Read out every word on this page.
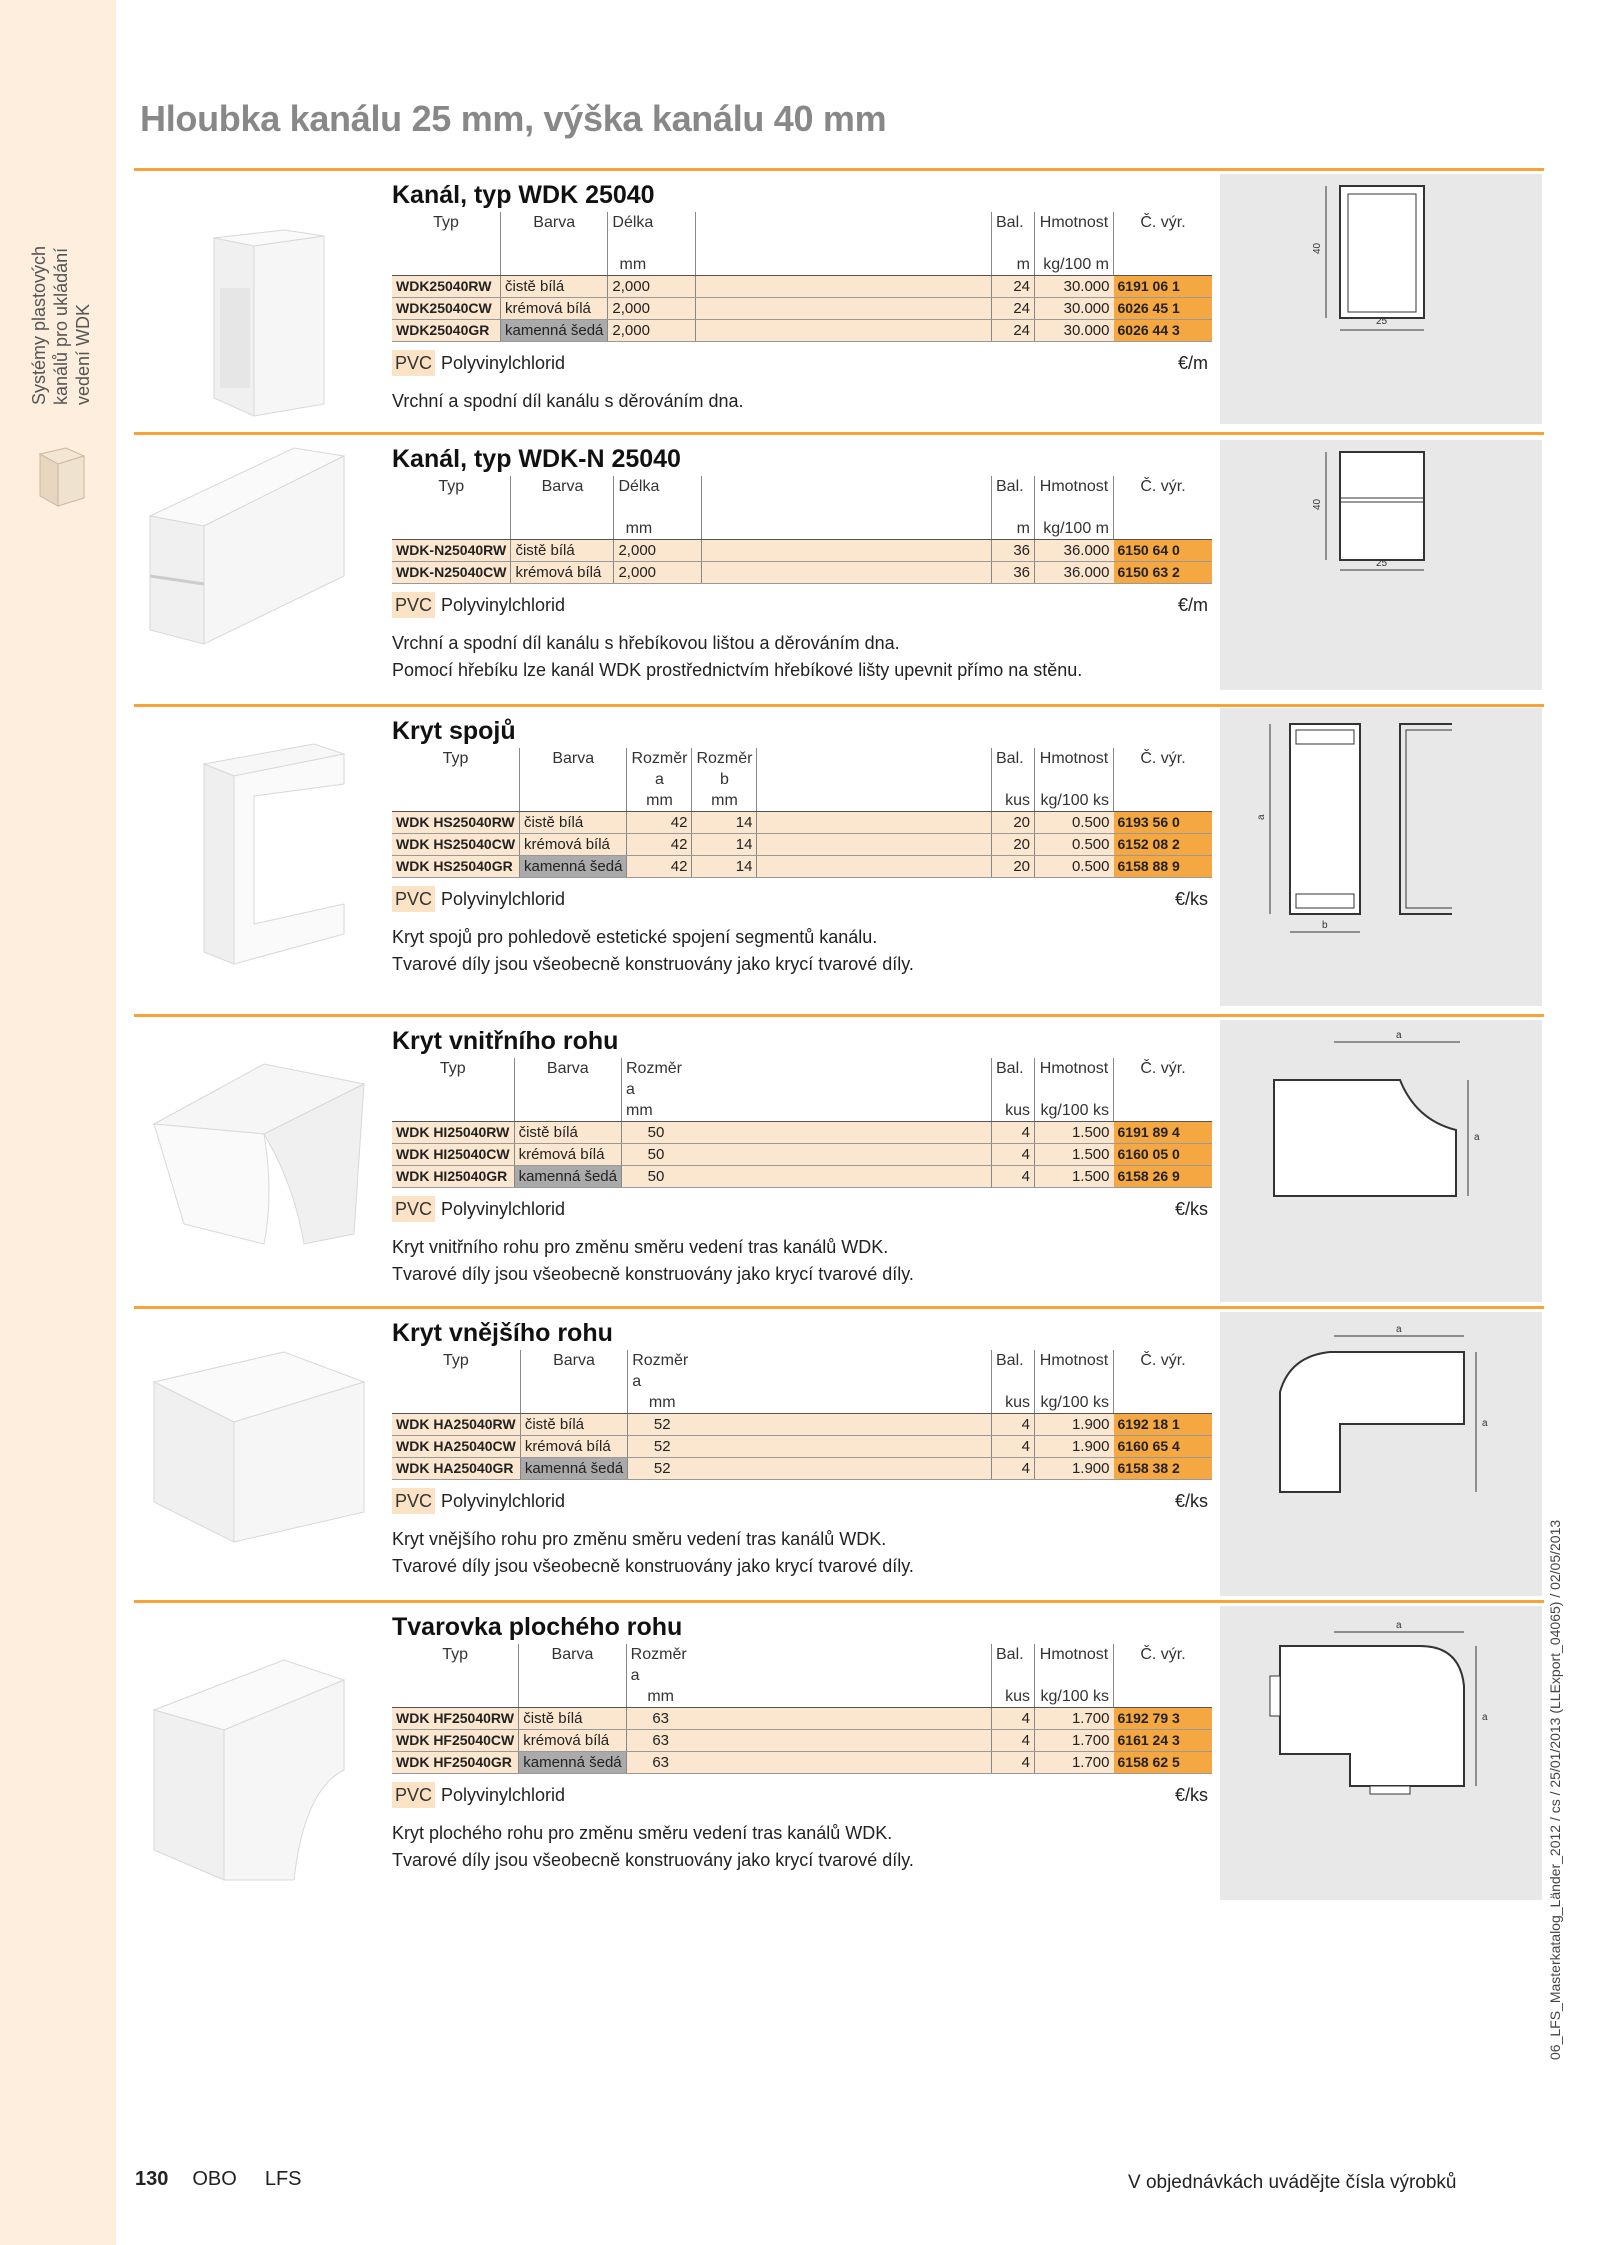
Systémy plastových kanálů pro ukládání vedení WDK
Hloubka kanálu 25 mm, výška kanálu 40 mm
06_LFS_Masterkatalog_Länder_2012 / cs / 25/01/2013 (LLExport_04065) / 02/05/2013
Kanál, typ WDK 25040
Typ	Barva	Délka			Bal.	Hmotnost	Č. výr.

		mm			m	kg/100 m	
WDK25040RW	čistě bílá	2,000			24	30.000	6191 06 1
WDK25040CW	krémová bílá	2,000			24	30.000	6026 45 1
WDK25040GR	kamenná šedá	2,000			24	30.000	6026 44 3
PVC Polyvinylchlorid	€/m
Vrchní a spodní díl kanálu s děrováním dna.
40
25
Kanál, typ WDK-N 25040
Typ	Barva	Délka			Bal.	Hmotnost	Č. výr.

		mm			m	kg/100 m	
WDK-N25040RW	čistě bílá	2,000			36	36.000	6150 64 0
WDK-N25040CW	krémová bílá	2,000			36	36.000	6150 63 2
PVC Polyvinylchlorid	€/m
Vrchní a spodní díl kanálu s hřebíkovou lištou a děrováním dna.
Pomocí hřebíku lze kanál WDK prostřednictvím hřebíkové lišty upevnit přímo na stěnu.
40
25
Kryt spojů
Typ	Barva	Rozměr	Rozměr		Bal.	Hmotnost	Č. výr.
		a	b				
		mm	mm		kus	kg/100 ks	
WDK HS25040RW	čistě bílá	42	14		20	0.500	6193 56 0
WDK HS25040CW	krémová bílá	42	14		20	0.500	6152 08 2
WDK HS25040GR	kamenná šedá	42	14		20	0.500	6158 88 9
PVC Polyvinylchlorid	€/ks
Kryt spojů pro pohledově estetické spojení segmentů kanálu.
Tvarové díly jsou všeobecně konstruovány jako krycí tvarové díly.
a
b
Kryt vnitřního rohu
Typ	Barva	Rozměr			Bal.	Hmotnost	Č. výr.
		a					
		mm			kus	kg/100 ks	
WDK HI25040RW	čistě bílá	50			4	1.500	6191 89 4
WDK HI25040CW	krémová bílá	50			4	1.500	6160 05 0
WDK HI25040GR	kamenná šedá	50			4	1.500	6158 26 9
PVC Polyvinylchlorid	€/ks
Kryt vnitřního rohu pro změnu směru vedení tras kanálů WDK.
Tvarové díly jsou všeobecně konstruovány jako krycí tvarové díly.
a
a
Kryt vnějšího rohu
Typ	Barva	Rozměr			Bal.	Hmotnost	Č. výr.
		a					
		mm			kus	kg/100 ks	
WDK HA25040RW	čistě bílá	52			4	1.900	6192 18 1
WDK HA25040CW	krémová bílá	52			4	1.900	6160 65 4
WDK HA25040GR	kamenná šedá	52			4	1.900	6158 38 2
PVC Polyvinylchlorid	€/ks
Kryt vnějšího rohu pro změnu směru vedení tras kanálů WDK.
Tvarové díly jsou všeobecně konstruovány jako krycí tvarové díly.
a
a
Tvarovka plochého rohu
Typ	Barva	Rozměr			Bal.	Hmotnost	Č. výr.
		a					
		mm			kus	kg/100 ks	
WDK HF25040RW	čistě bílá	63			4	1.700	6192 79 3
WDK HF25040CW	krémová bílá	63			4	1.700	6161 24 3
WDK HF25040GR	kamenná šedá	63			4	1.700	6158 62 5
PVC Polyvinylchlorid	€/ks
Kryt plochého rohu pro změnu směru vedení tras kanálů WDK.
Tvarové díly jsou všeobecně konstruovány jako krycí tvarové díly.
a
a
130 OBO LFS	V objednávkách uvádějte čísla výrobků
